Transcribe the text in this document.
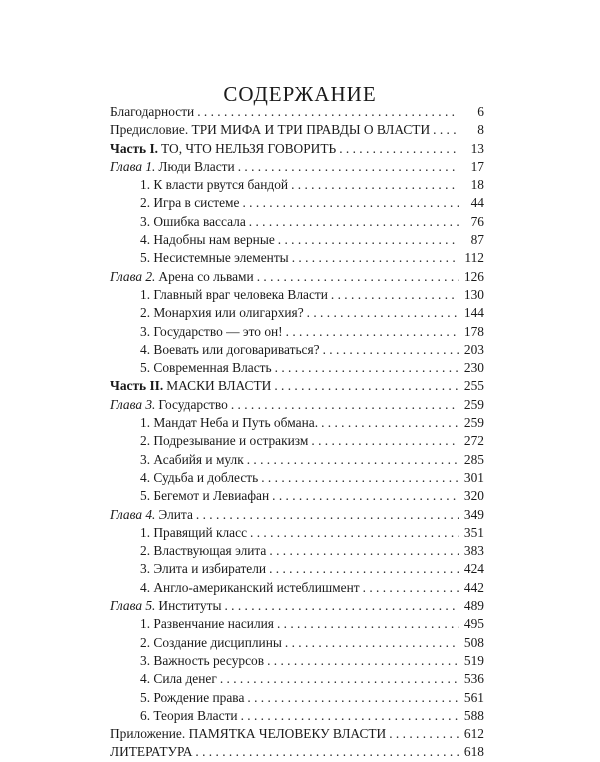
СОДЕРЖАНИЕ
Благодарности . . .	6
Предисловие. ТРИ МИФА И ТРИ ПРАВДЫ О ВЛАСТИ . . .	8
Часть I. ТО, ЧТО НЕЛЬЗЯ ГОВОРИТЬ . . .	13
Глава 1. Люди Власти . . .	17
1. К власти рвутся бандой . . .	18
2. Игра в системе . . .	44
3. Ошибка вассала . . .	76
4. Надобны нам верные . . .	87
5. Несистемные элементы . . .	112
Глава 2. Арена со львами . . .	126
1. Главный враг человека Власти . . .	130
2. Монархия или олигархия? . . .	144
3. Государство — это он! . . .	178
4. Воевать или договариваться? . . .	203
5. Современная Власть . . .	230
Часть II. МАСКИ ВЛАСТИ . . .	255
Глава 3. Государство . . .	259
1. Мандат Неба и Путь обмана. . . .	259
2. Подрезывание и остракизм . . .	272
3. Асабийя и мулк . . .	285
4. Судьба и доблесть . . .	301
5. Бегемот и Левиафан . . .	320
Глава 4. Элита . . .	349
1. Правящий класс . . .	351
2. Властвующая элита . . .	383
3. Элита и избиратели . . .	424
4. Англо-американский истеблишмент . . .	442
Глава 5. Институты . . .	489
1. Развенчание насилия . . .	495
2. Создание дисциплины . . .	508
3. Важность ресурсов . . .	519
4. Сила денег . . .	536
5. Рождение права . . .	561
6. Теория Власти . . .	588
Приложение. ПАМЯТКА ЧЕЛОВЕКУ ВЛАСТИ . . .	612
ЛИТЕРАТУРА . . .	618
